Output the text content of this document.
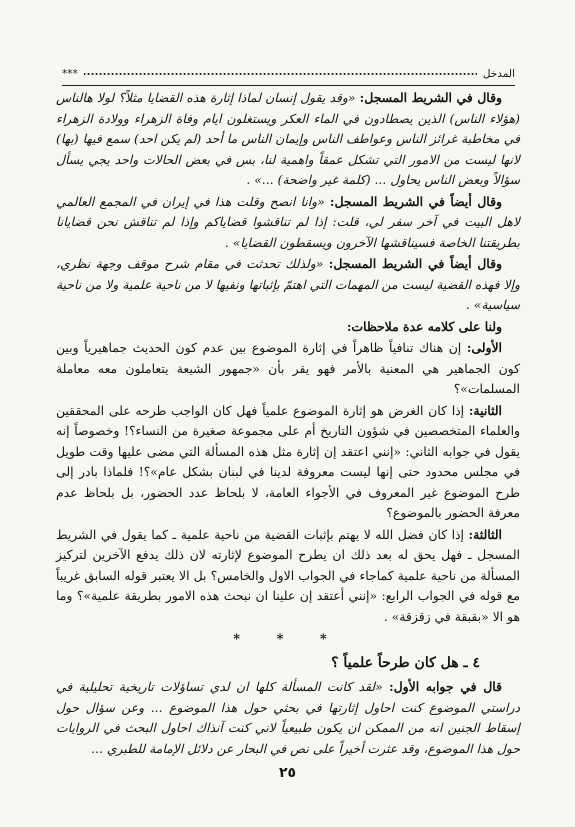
المدخل
***

وقال في الشريط المسجل: «وقد يقول إنسان لماذا إثارة هذه القضايا مثلاً؟ لولا هالناس (هؤلاء الناس) الذين يصطادون في الماء العكر ويستغلون ايام وفاة الزهراء وولادة الزهراء في مخاطبة غرائز الناس وعواطف الناس وإيمان الناس ما أحد (لم يكن احد) سمع فيها (بها) لانها ليست من الامور التي تشكل عمقاً واهمية لنا، بس في بعض الحالات واحد يجي يسأل سؤالاً وبعض الناس يحاول ... (كلمة غير واضحة) ...» .

وقال أيضاً في الشريط المسجل: «وانا انصح وقلت هذا في إيران في المجمع العالمي لاهل البيت في آخر سفر لي، قلت: إذا لم تناقشوا قضاياكم وإذا لم تناقش نحن قضايانا بطريقتنا الخاصة فسيناقشها الآخرون ويسقطون القضايا» .

وقال أيضاً في الشريط المسجل: «ولذلك تحدثت في مقام شرح موقف وجهة نظري، وإلا فهذه القضية ليست من المهمات التي اهتمّ بإثباتها ونفيها لا من ناحية علمية ولا من ناحية سياسية» .

ولنا على كلامه عدة ملاحظات:

الأولى: إن هناك تنافياً ظاهراً في إثارة الموضوع بين عدم كون الحديث جماهيرياً وبين كون الجماهير هي المعنية بالأمر فهو يقر بأن «جمهور الشيعة يتعاملون معه معاملة المسلمات»؟

الثانية: إذا كان الغرض هو إثارة الموضوع علمياً فهل كان الواجب طرحه على المحققين والعلماء المتخصصين في شؤون التاريخ أم على مجموعة صغيرة من النساء؟! وخصوصاً إنه يقول في جوابه الثاني: «إنني اعتقد إن إثارة مثل هذه المسألة التي مضى عليها وقت طويل في مجلس محدود حتى إنها ليست معروفة لدينا في لبنان بشكل عام»؟! فلماذا بادر إلى طرح الموضوع غير المعروف في الأجواء العامة، لا بلحاظ عدد الحضور، بل بلحاظ عدم معرفة الحضور بالموضوع؟

الثالثة: إذا كان فضل الله لا يهتم بإثبات القضية من ناحية علمية ـ كما يقول في الشريط المسجل ـ فهل يحق له بعد ذلك ان يطرح الموضوع لإثارته لان ذلك يدفع الآخرين لترکيز المسألة من ناحية علمية كماجاء في الجواب الاول والخامس؟ بل الا يعتبر قوله السابق غريباً مع قوله في الجواب الرابع: «إنني أعتقد إن علينا ان نبحث هذه الامور بطريقة علمية»؟ وما هو الا «بقبقة في زقزقة» .

* * *
٤ ـ هل كان طرحاً علمياً ؟

قال في جوابه الأول: «لقد كانت المسألة كلها ان لدي تساؤلات تاريخية تحليلية في دراستي الموضوع كنت احاول إثارتها في بحثي حول هذا الموضوع ... وعن سؤال حول إسقاط الجنين انه من الممكن ان يكون طبيعياً لاني كنت آنذاك احاول البحث في الروايات حول هذا الموضوع، وقد عثرت أخيراً على نص في البحار عن دلائل الإمامة للطبري ...

٢٥
